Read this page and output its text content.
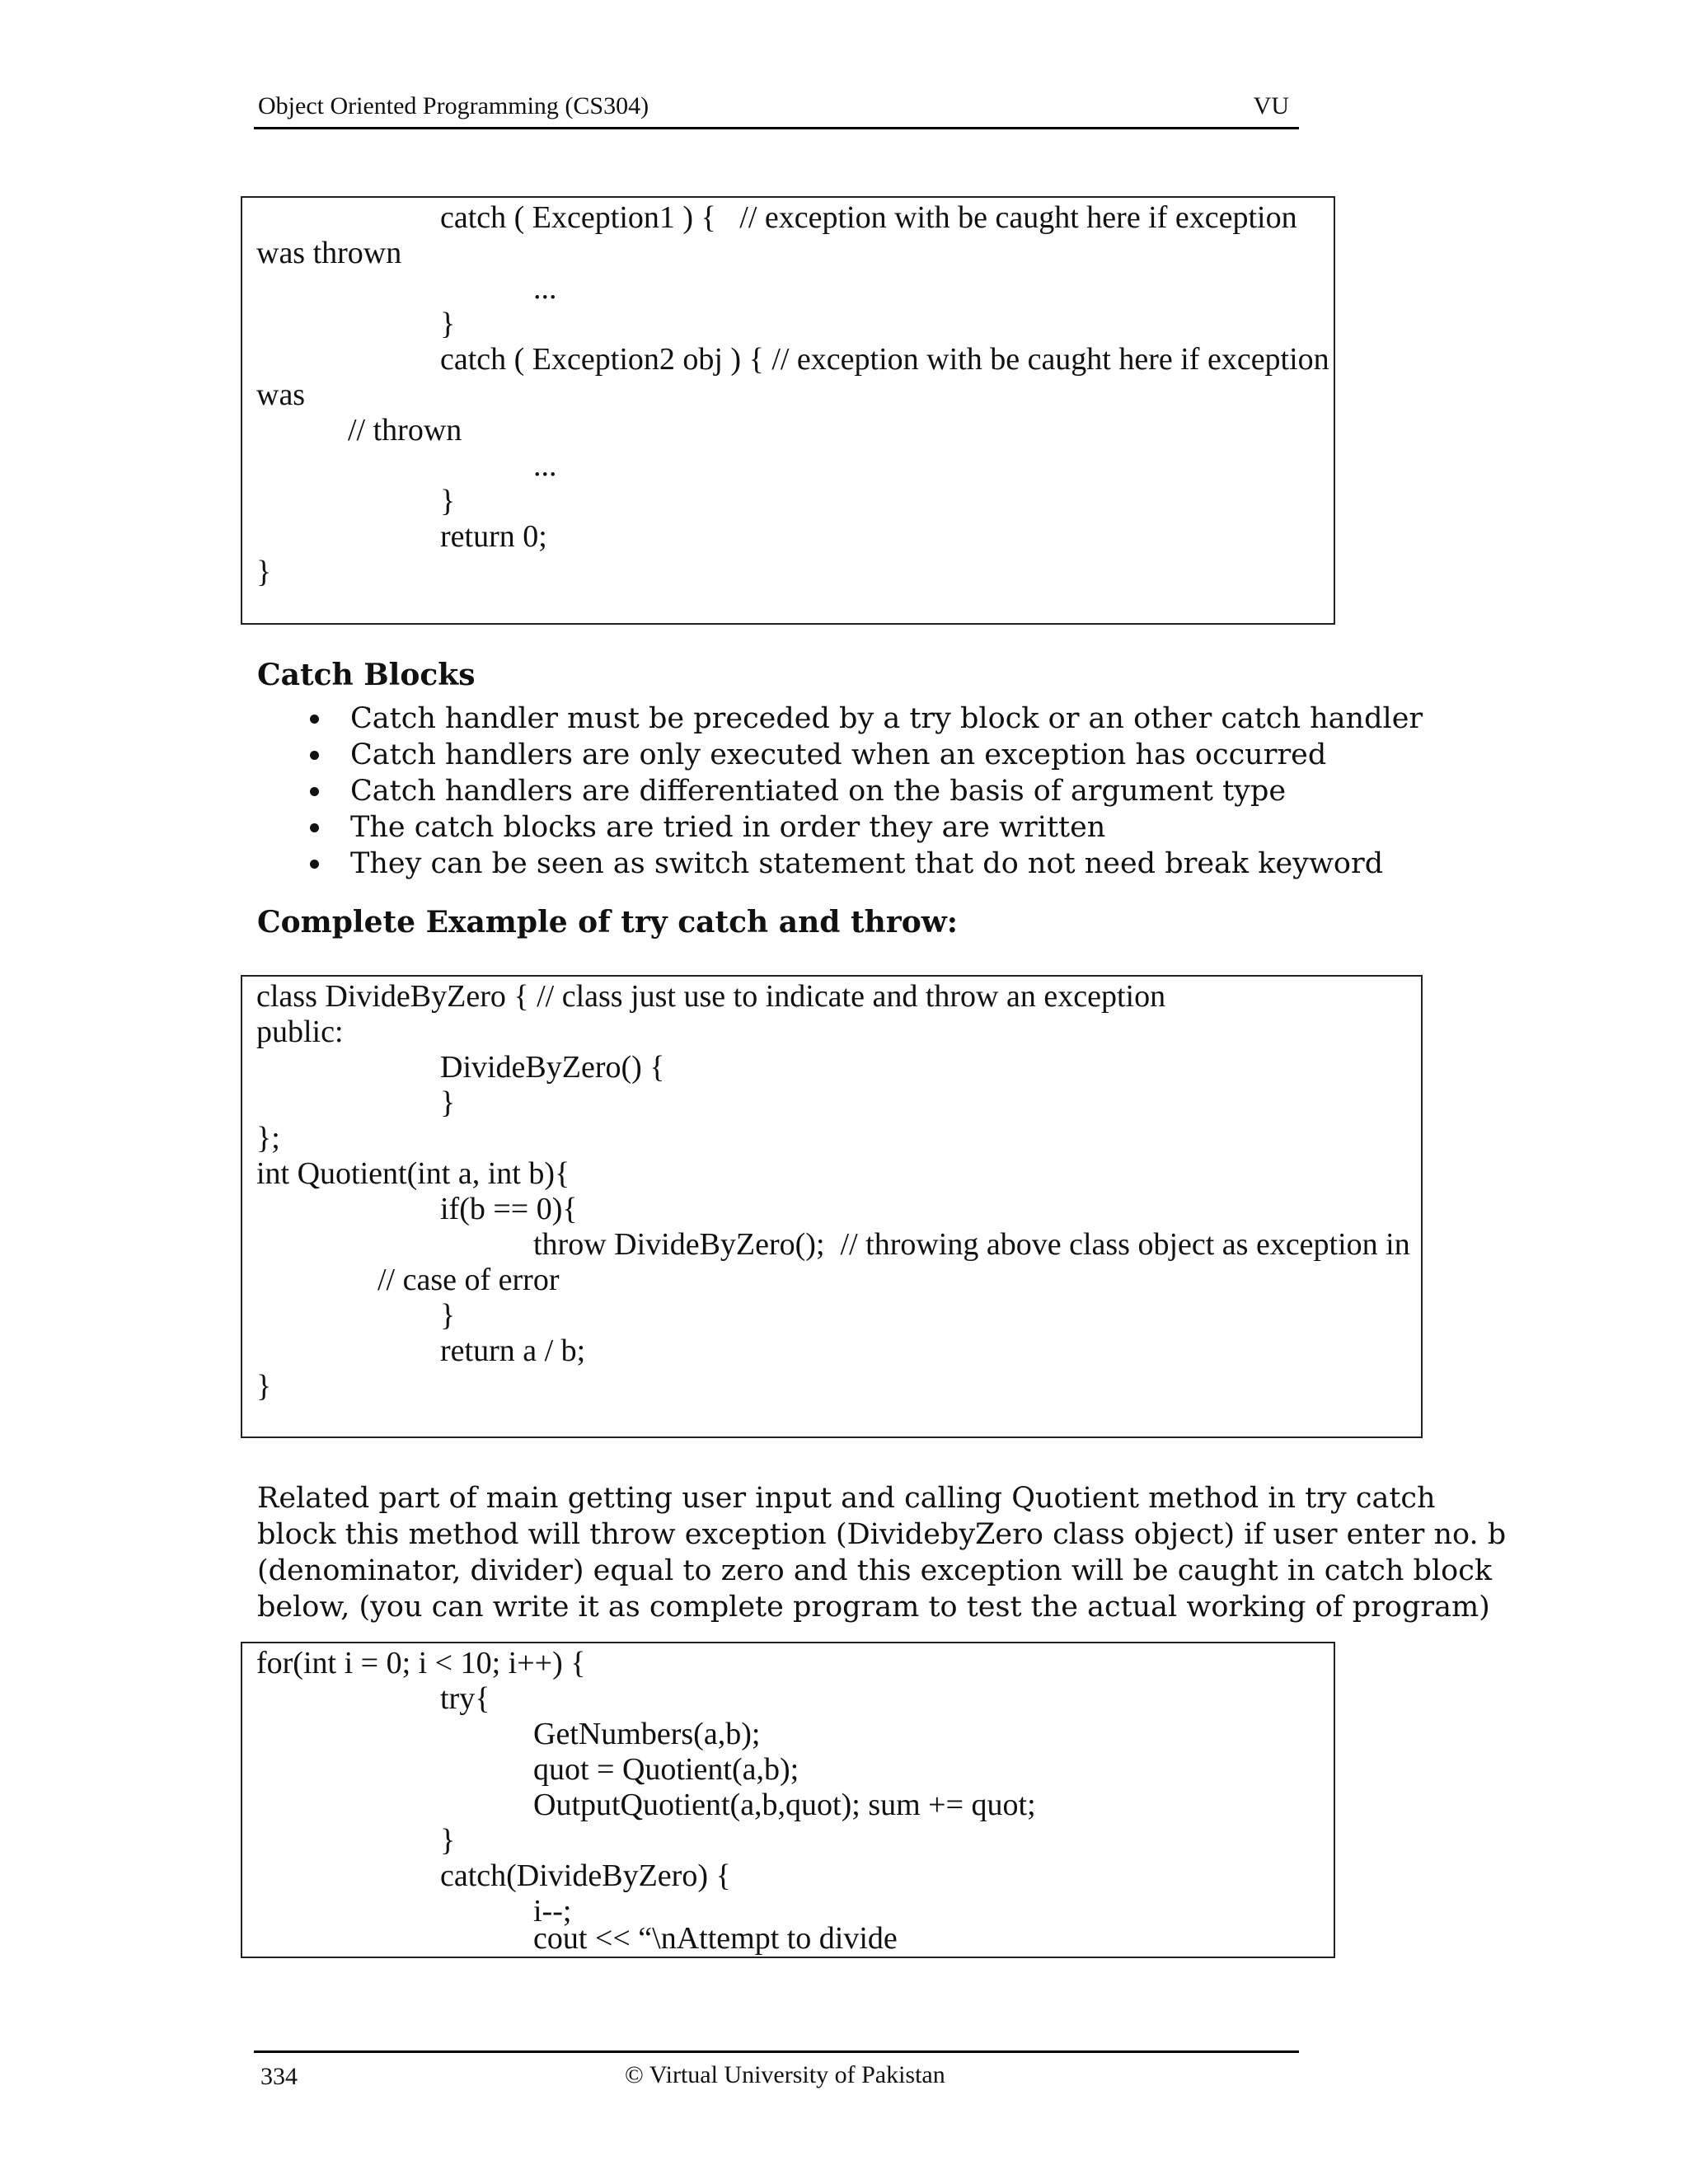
Object Oriented Programming (CS304)	VU
catch ( Exception1 ) {   // exception with be caught here if exception
was thrown
...
}
catch ( Exception2 obj ) { // exception with be caught here if exception
was
// thrown
...
}
return 0;
}
Catch Blocks
Catch handler must be preceded by a try block or an other catch handler
Catch handlers are only executed when an exception has occurred
Catch handlers are differentiated on the basis of argument type
The catch blocks are tried in order they are written
They can be seen as switch statement that do not need break keyword
Complete Example of try catch and throw:
class DivideByZero { // class just use to indicate and throw an exception
public:
DivideByZero() {
}
};
int Quotient(int a, int b){
if(b == 0){
throw DivideByZero();  // throwing above class object as exception in
// case of error
}
return a / b;
}
Related part of main getting user input and calling Quotient method in try catch
block this method will throw exception (DividebyZero class object) if user enter no. b
(denominator, divider) equal to zero and this exception will be caught in catch block
below, (you can write it as complete program to test the actual working of program)
for(int i = 0; i < 10; i++) {
try{
GetNumbers(a,b);
quot = Quotient(a,b);
OutputQuotient(a,b,quot); sum += quot;
}
catch(DivideByZero) {
i--;
cout << “\nAttempt to divide
334	© Virtual University of Pakistan
